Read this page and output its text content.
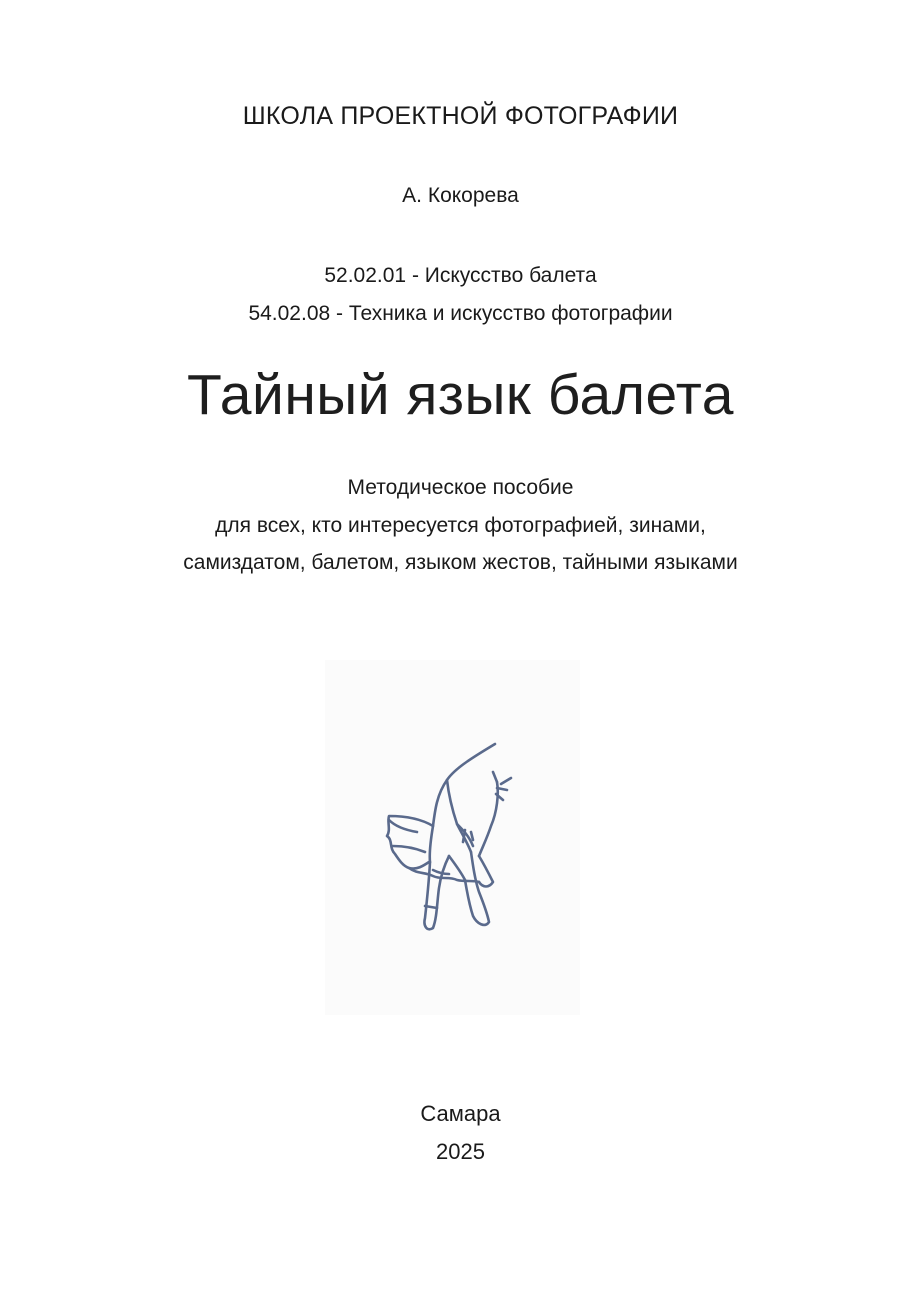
ШКОЛА ПРОЕКТНОЙ ФОТОГРАФИИ
А. Кокорева
52.02.01 - Искусство балета
54.02.08 - Техника и искусство фотографии
Тайный язык балета
Методическое пособие
для всех, кто интересуется фотографией, зинами,
самиздатом, балетом, языком жестов, тайными языками
Самара
2025
